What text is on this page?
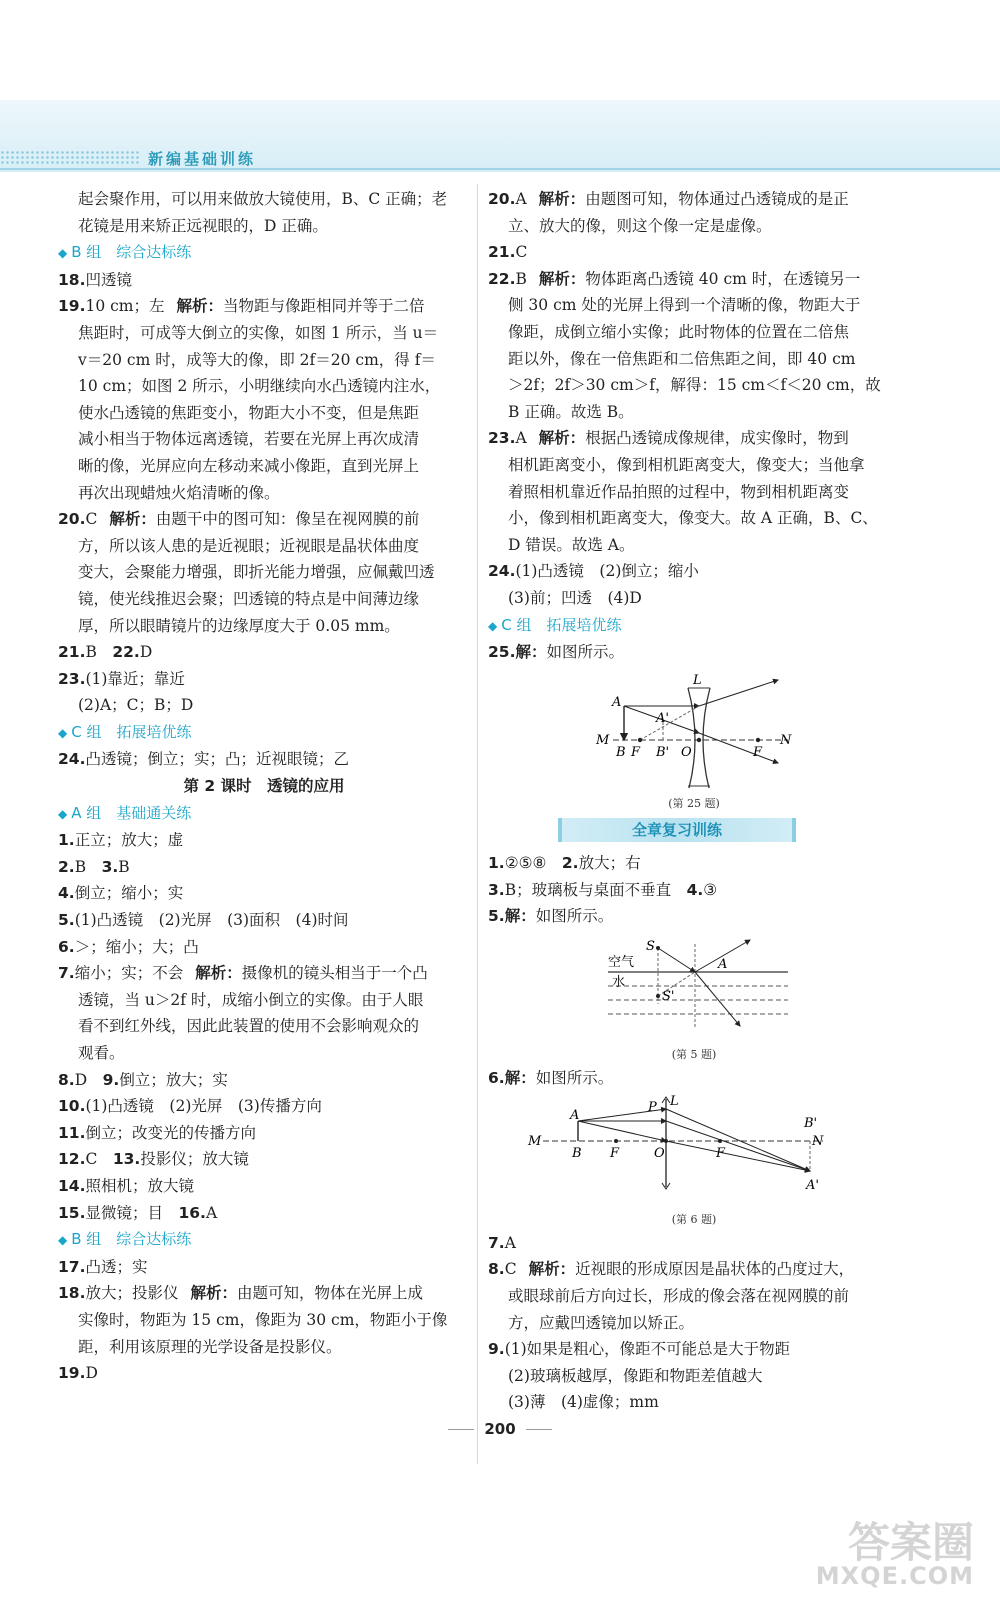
新编基础训练
起会聚作用，可以用来做放大镜使用，B、C 正确；老
花镜是用来矫正远视眼的，D 正确。
◆ B 组　综合达标练
18.凹透镜
19.10 cm；左 解析：当物距与像距相同并等于二倍
焦距时，可成等大倒立的实像，如图 1 所示，当 u＝
v＝20 cm 时，成等大的像，即 2f＝20 cm，得 f＝
10 cm；如图 2 所示，小明继续向水凸透镜内注水，
使水凸透镜的焦距变小，物距大小不变，但是焦距
减小相当于物体远离透镜，若要在光屏上再次成清
晰的像，光屏应向左移动来减小像距，直到光屏上
再次出现蜡烛火焰清晰的像。
20.C 解析：由题干中的图可知：像呈在视网膜的前
方，所以该人患的是近视眼；近视眼是晶状体曲度
变大，会聚能力增强，即折光能力增强，应佩戴凹透
镜，使光线推迟会聚；凹透镜的特点是中间薄边缘
厚，所以眼睛镜片的边缘厚度大于 0.05 mm。
21.B　22.D
23.(1)靠近；靠近
(2)A；C；B；D
◆ C 组　拓展培优练
24.凸透镜；倒立；实；凸；近视眼镜；乙
第 2 课时　透镜的应用
◆ A 组　基础通关练
1.正立；放大；虚
2.B　3.B
4.倒立；缩小；实
5.(1)凸透镜　(2)光屏　(3)面积　(4)时间
6.＞；缩小；大；凸
7.缩小；实；不会 解析：摄像机的镜头相当于一个凸
透镜，当 u＞2f 时，成缩小倒立的实像。由于人眼
看不到红外线，因此此装置的使用不会影响观众的
观看。
8.D　9.倒立；放大；实
10.(1)凸透镜　(2)光屏　(3)传播方向
11.倒立；改变光的传播方向
12.C　13.投影仪；放大镜
14.照相机；放大镜
15.显微镜；目　16.A
◆ B 组　综合达标练
17.凸透；实
18.放大；投影仪 解析：由题可知，物体在光屏上成
实像时，物距为 15 cm，像距为 30 cm，物距小于像
距，利用该原理的光学设备是投影仪。
19.D
20.A 解析：由题图可知，物体通过凸透镜成的是正
立、放大的像，则这个像一定是虚像。
21.C
22.B 解析：物体距离凸透镜 40 cm 时，在透镜另一
侧 30 cm 处的光屏上得到一个清晰的像，物距大于
像距，成倒立缩小实像；此时物体的位置在二倍焦
距以外，像在一倍焦距和二倍焦距之间，即 40 cm
＞2f；2f＞30 cm＞f，解得：15 cm＜f＜20 cm，故
B 正确。故选 B。
23.A 解析：根据凸透镜成像规律，成实像时，物到
相机距离变小，像到相机距离变大，像变大；当他拿
着照相机靠近作品拍照的过程中，物到相机距离变
小，像到相机距离变大，像变大。故 A 正确，B、C、
D 错误。故选 A。
24.(1)凸透镜　(2)倒立；缩小
(3)前；凹透　(4)D
◆ C 组　拓展培优练
25.解：如图所示。
L
A
A'
M
B F B' O	F
N
(第 25 题)
全章复习训练
1.②⑤⑧　2.放大；右
3.B；玻璃板与桌面不垂直　4.③
5.解：如图所示。
S
空气
水
A
S'
(第 5 题)
6.解：如图所示。
L
P
A
M
B F	O	F
B'
N
A'
(第 6 题)
7.A
8.C 解析：近视眼的形成原因是晶状体的凸度过大，
或眼球前后方向过长，形成的像会落在视网膜的前
方，应戴凹透镜加以矫正。
9.(1)如果是粗心，像距不可能总是大于物距
(2)玻璃板越厚，像距和物距差值越大
(3)薄　(4)虚像；mm
200
答案圈
MXQE.COM
